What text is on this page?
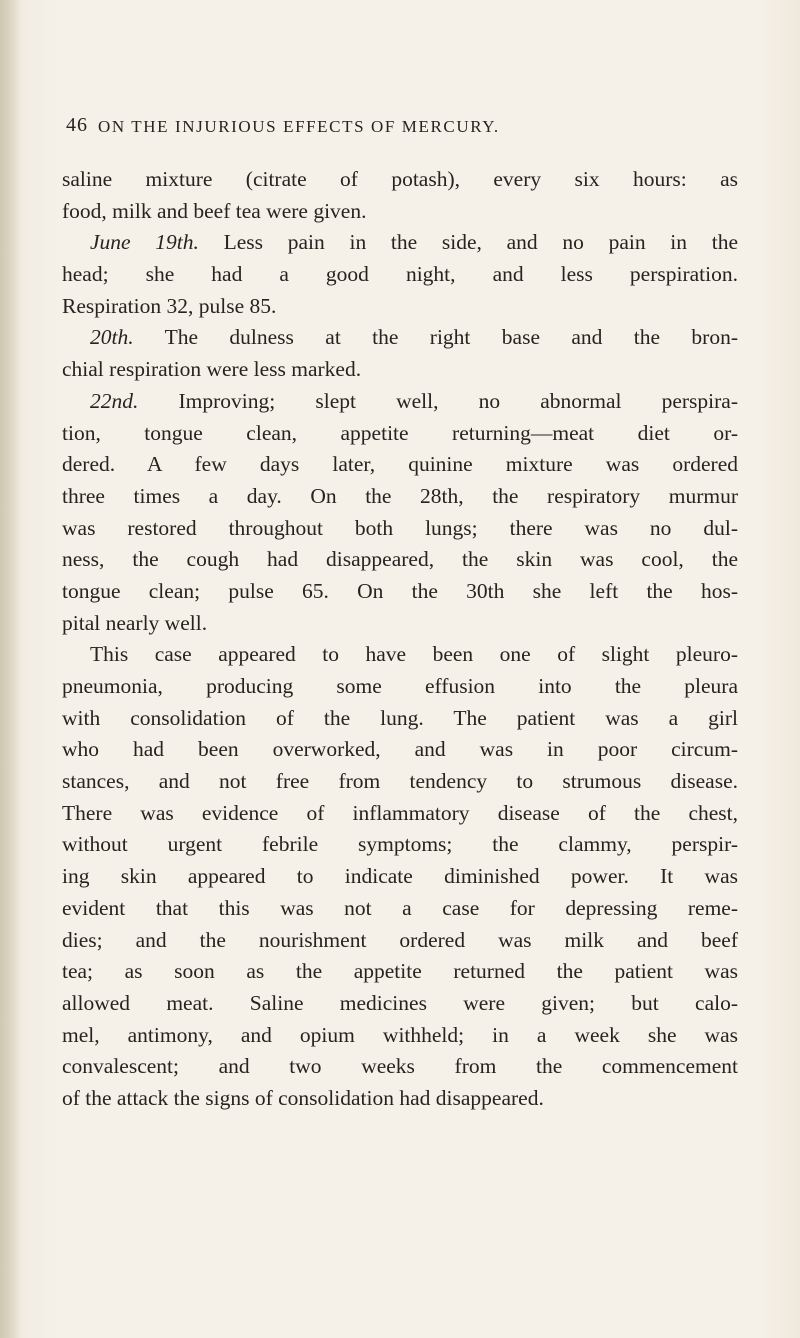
46 ON THE INJURIOUS EFFECTS OF MERCURY.
saline mixture (citrate of potash), every six hours: as
food, milk and beef tea were given.
June 19th. Less pain in the side, and no pain in the
head; she had a good night, and less perspiration.
Respiration 32, pulse 85.
20th. The dulness at the right base and the bron-
chial respiration were less marked.
22nd. Improving; slept well, no abnormal perspira-
tion, tongue clean, appetite returning—meat diet or-
dered. A few days later, quinine mixture was ordered
three times a day. On the 28th, the respiratory murmur
was restored throughout both lungs; there was no dul-
ness, the cough had disappeared, the skin was cool, the
tongue clean; pulse 65. On the 30th she left the hos-
pital nearly well.
This case appeared to have been one of slight pleuro-
pneumonia, producing some effusion into the pleura
with consolidation of the lung. The patient was a girl
who had been overworked, and was in poor circum-
stances, and not free from tendency to strumous disease.
There was evidence of inflammatory disease of the chest,
without urgent febrile symptoms; the clammy, perspir-
ing skin appeared to indicate diminished power. It was
evident that this was not a case for depressing reme-
dies; and the nourishment ordered was milk and beef
tea; as soon as the appetite returned the patient was
allowed meat. Saline medicines were given; but calo-
mel, antimony, and opium withheld; in a week she was
convalescent; and two weeks from the commencement
of the attack the signs of consolidation had disappeared.
